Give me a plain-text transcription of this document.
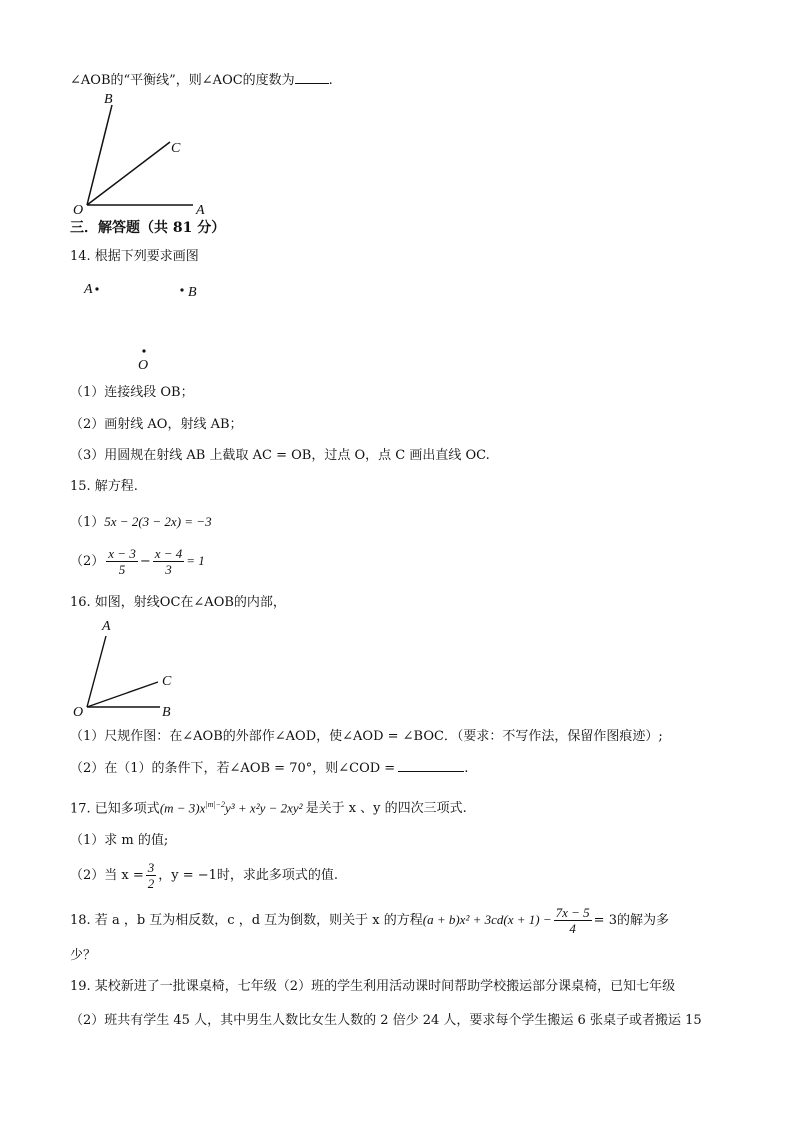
∠AOB的“平衡线”，则∠AOC的度数为	.
B
C
O	A
三．解答题（共 81 分）
14. 根据下列要求画图
A	B
O
（1）连接线段 OB；
（2）画射线 AO，射线 AB；
（3）用圆规在射线 AB 上截取 AC = OB，过点 O，点 C 画出直线 OC.
15. 解方程.
（1）5x − 2(3 − 2x) = −3
$(2) \frac{x - 3}{5} - \frac{x - 4}{3} = 1$
16. 如图，射线OC在∠AOB的内部，
A
C
O	B
（1）尺规作图：在∠AOB的外部作∠AOD，使∠AOD = ∠BOC．（要求：不写作法，保留作图痕迹）;
（2）在（1）的条件下，若∠AOB = 70°，则∠COD =	.
17. 已知多项式$(m - 3)x^{|m|-2}y^3 + x^2y - 2xy^2$ 是关于 x 、y 的四次三项式.
（1）求 m 的值;
（2）当 $x = \frac{3}{2}$ ，y = −1时，求此多项式的值.
18. 若 a ，b 互为相反数，c ，d 互为倒数，则关于 x 的方程$(a + b)x^2 + 3cd(x + 1) - \frac{7x - 5}{4} = 3$的解为多
少？
19. 某校新进了一批课桌椅，七年级（2）班的学生利用活动课时间帮助学校搬运部分课桌椅，已知七年级
（2）班共有学生 45 人，其中男生人数比女生人数的 2 倍少 24 人，要求每个学生搬运 6 张桌子或者搬运 15
